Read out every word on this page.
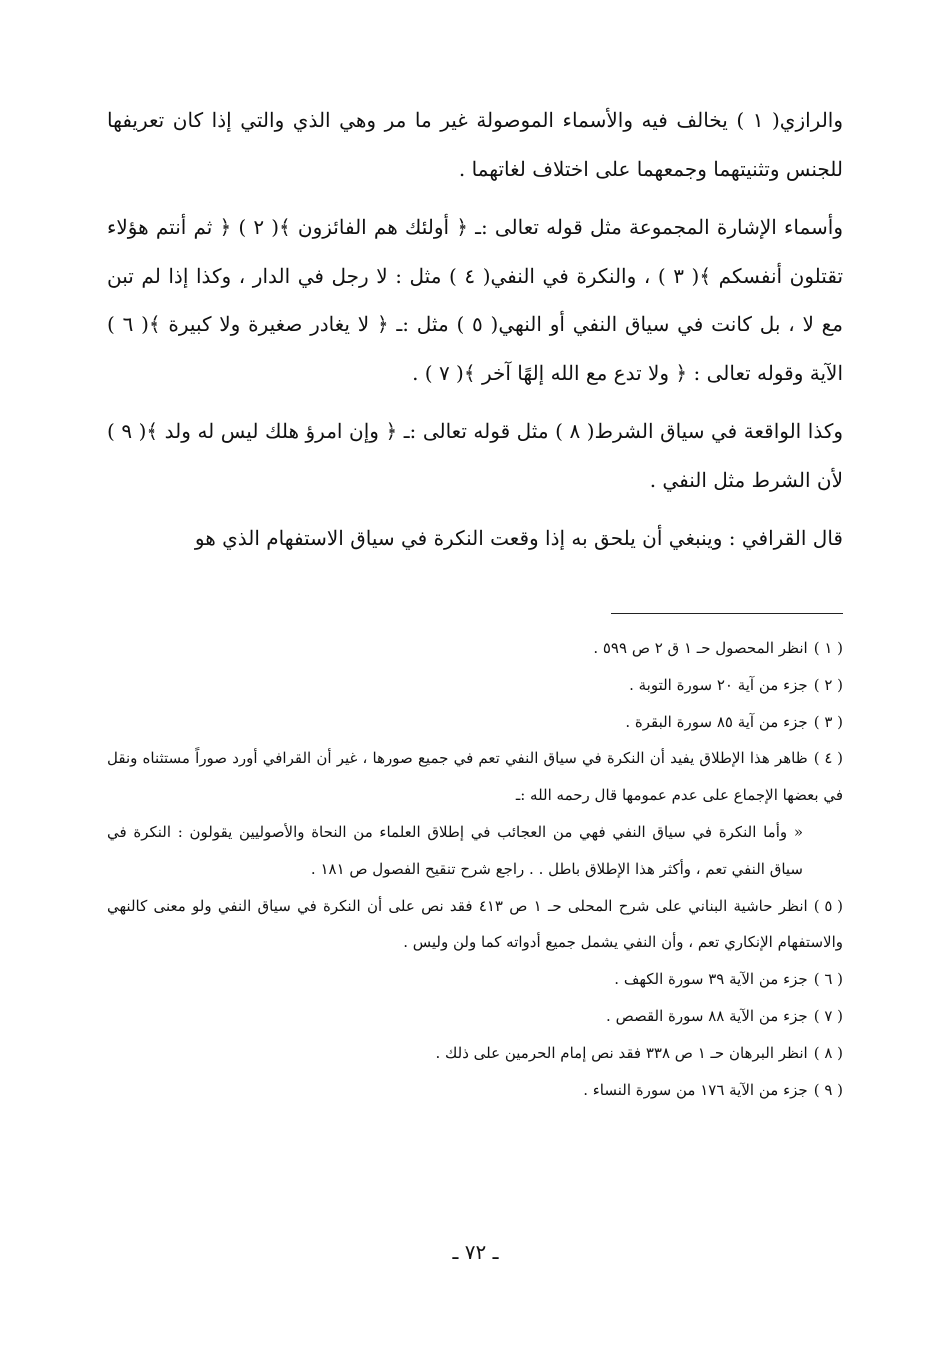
والرازي( ١ ) يخالف فيه والأسماء الموصولة غير ما مر وهي الذي والتي إذا كان تعريفها للجنس وتثنيتهما وجمعهما على اختلاف لغاتهما .

وأسماء الإشارة المجموعة مثل قوله تعالى :ـ ﴿ أولئك هم الفائزون ﴾( ٢ ) ﴿ ثم أنتم هؤلاء تقتلون أنفسكم ﴾( ٣ ) ، والنكرة في النفي( ٤ ) مثل : لا رجل في الدار ، وكذا إذا لم تبن مع لا ، بل كانت في سياق النفي أو النهي( ٥ ) مثل :ـ ﴿ لا يغادر صغيرة ولا كبيرة ﴾( ٦ ) الآية وقوله تعالى : ﴿ ولا تدع مع الله إلهًا آخر ﴾( ٧ ) .

وكذا الواقعة في سياق الشرط( ٨ ) مثل قوله تعالى :ـ ﴿ وإن امرؤ هلك ليس له ولد ﴾( ٩ ) لأن الشرط مثل النفي .

قال القرافي : وينبغي أن يلحق به إذا وقعت النكرة في سياق الاستفهام الذي هو

( ١ )انظر المحصول حـ ١ ق ٢ ص ٥٩٩ .

( ٢ )جزء من آية ٢٠ سورة التوبة .

( ٣ )جزء من آية ٨٥ سورة البقرة .

( ٤ )ظاهر هذا الإطلاق يفيد أن النكرة في سياق النفي تعم في جميع صورها ، غير أن القرافي أورد صوراً مستثناه ونقل في بعضها الإجماع على عدم عمومها قال رحمه الله :ـ

« وأما النكرة في سياق النفي فهي من العجائب في إطلاق العلماء من النحاة والأصوليين يقولون : النكرة في سياق النفي تعم ، وأكثر هذا الإطلاق باطل . . راجع شرح تنقيح الفصول ص ١٨١ .

( ٥ )انظر حاشية البناني على شرح المحلى حـ ١ ص ٤١٣ فقد نص على أن النكرة في سياق النفي ولو معنى كالنهي والاستفهام الإنكاري تعم ، وأن النفي يشمل جميع أدواته كما ولن وليس .

( ٦ )جزء من الآية ٣٩ سورة الكهف .

( ٧ )جزء من الآية ٨٨ سورة القصص .

( ٨ )انظر البرهان حـ ١ ص ٣٣٨ فقد نص إمام الحرمين على ذلك .

( ٩ )جزء من الآية ١٧٦ من سورة النساء .

ـ ٧٢ ـ
